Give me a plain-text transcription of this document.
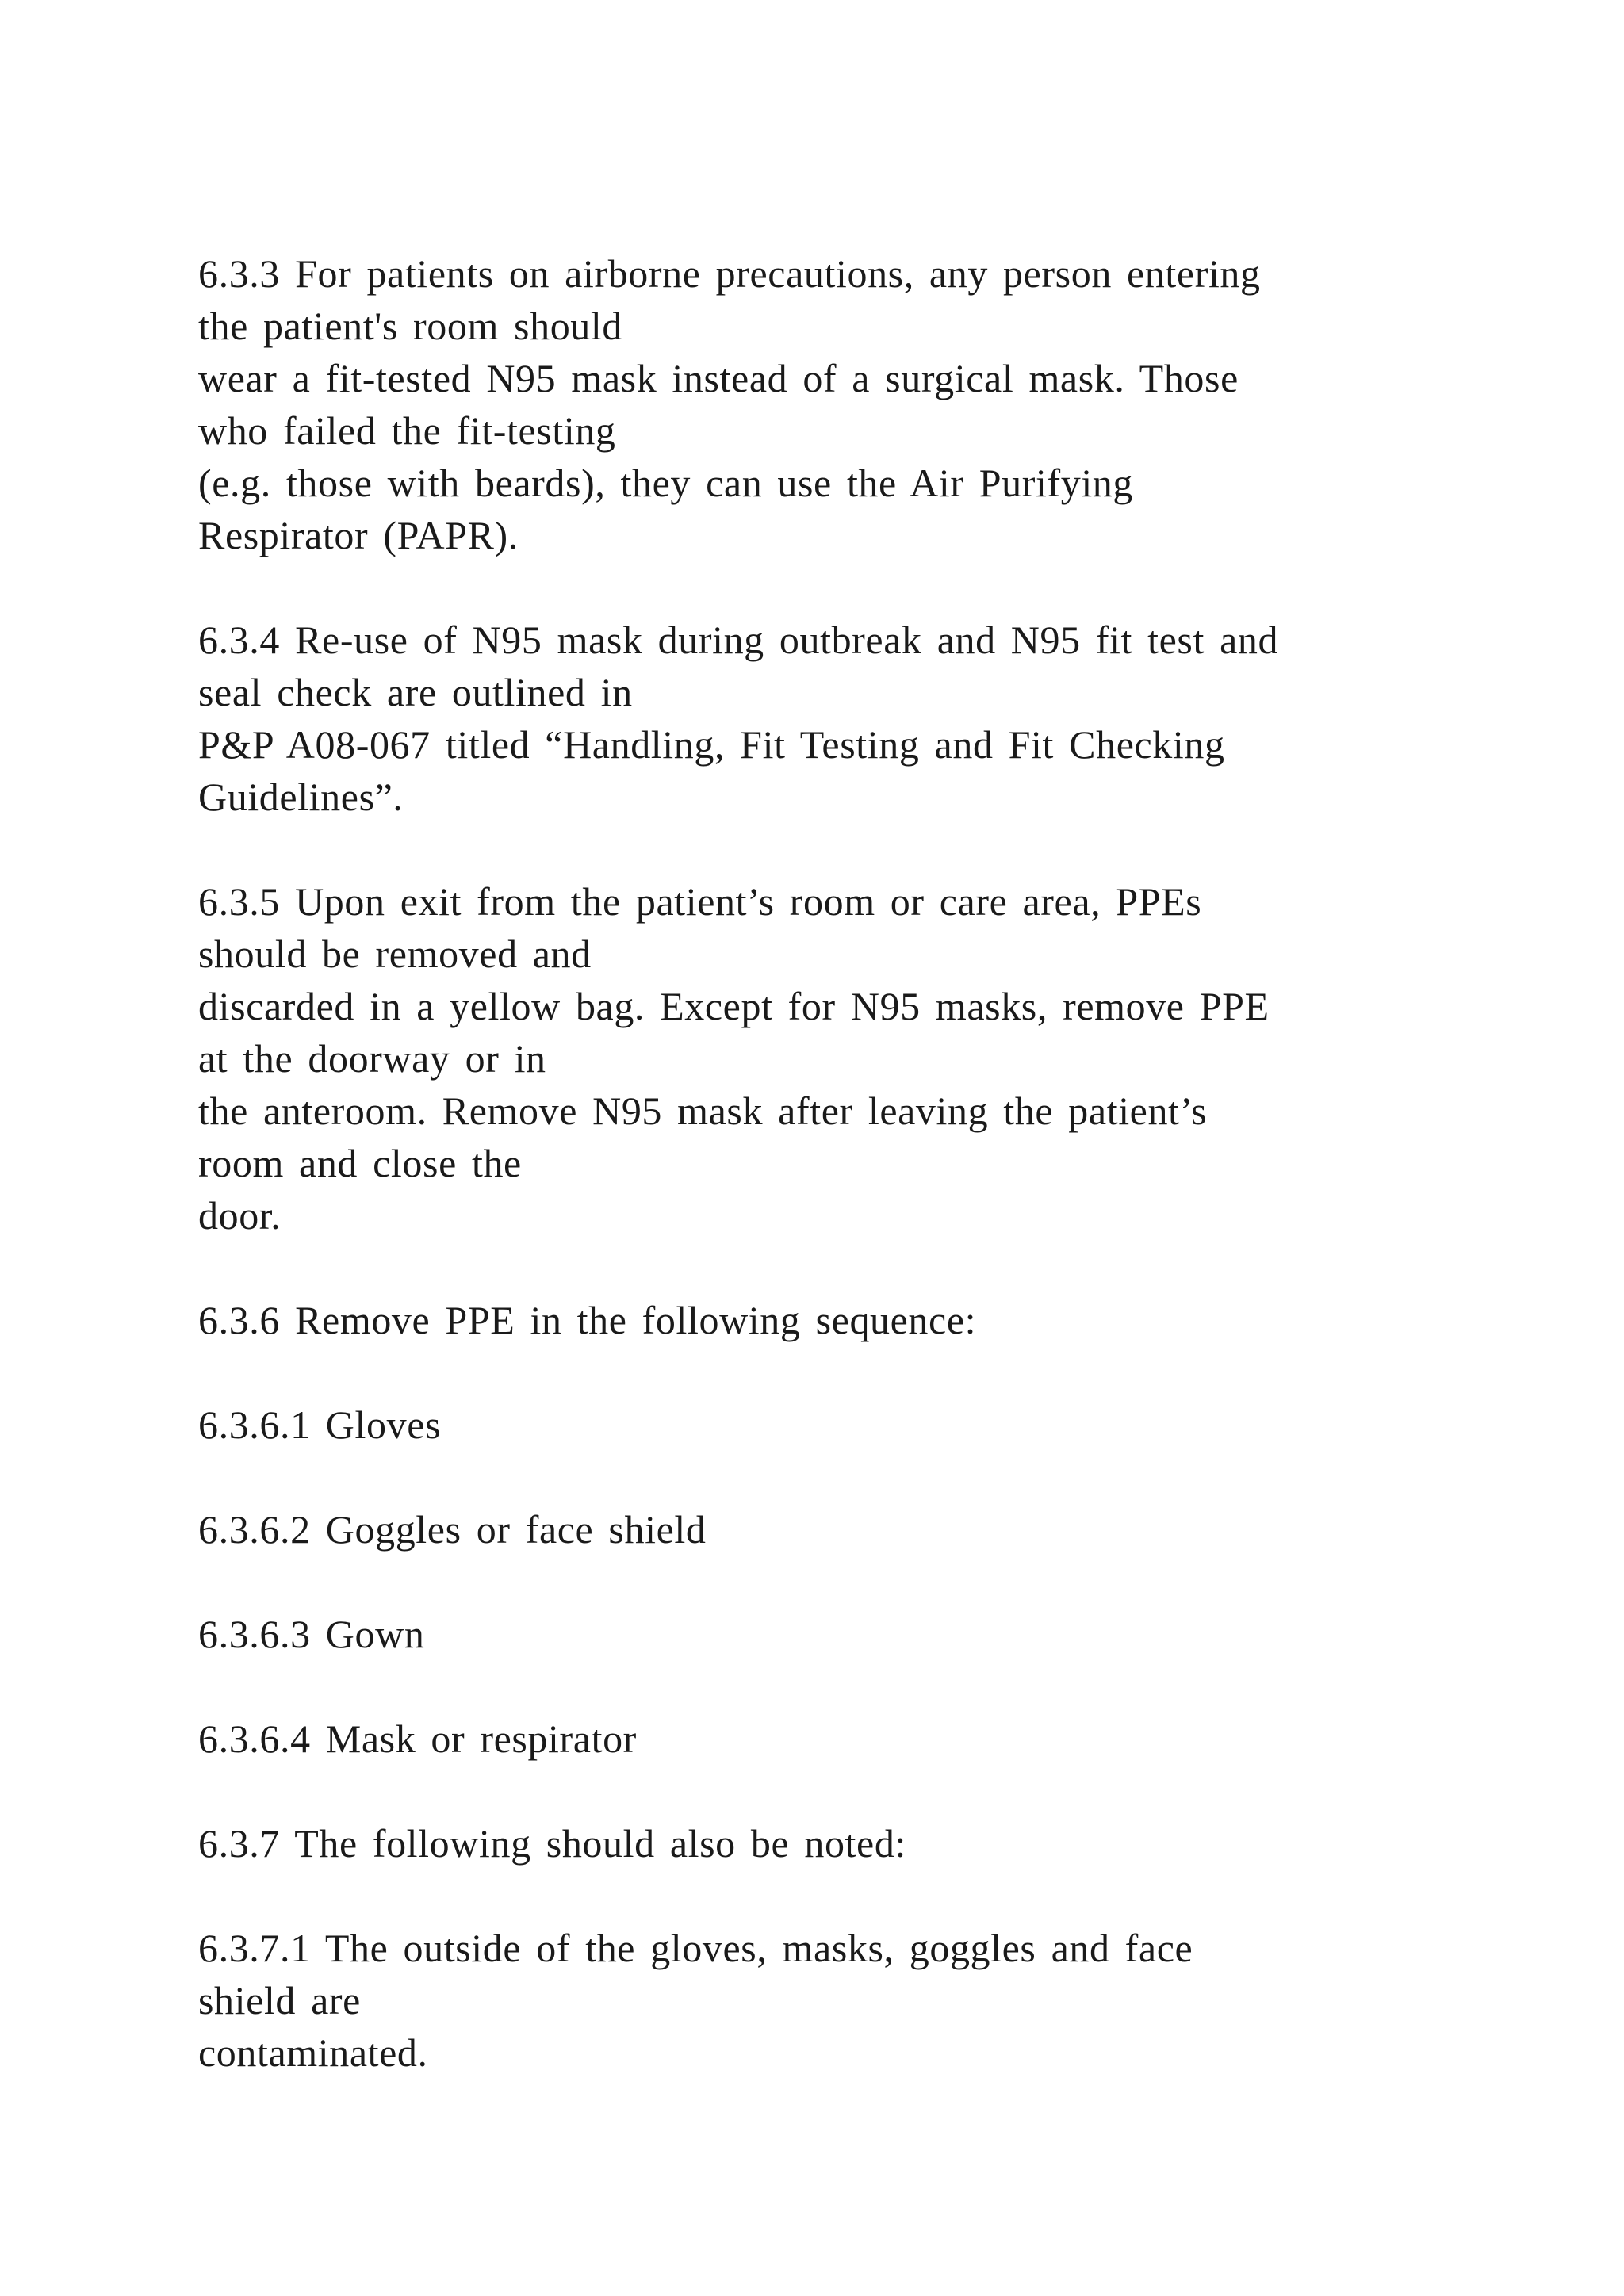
6.3.3 For patients on airborne precautions, any person entering
the patient's room should
wear a fit-tested N95 mask instead of a surgical mask. Those
who failed the fit-testing
(e.g. those with beards), they can use the Air Purifying
Respirator (PAPR).

6.3.4 Re-use of N95 mask during outbreak and N95 fit test and
seal check are outlined in
P&P A08-067 titled “Handling, Fit Testing and Fit Checking
Guidelines”.

6.3.5 Upon exit from the patient’s room or care area, PPEs
should be removed and
discarded in a yellow bag. Except for N95 masks, remove PPE
at the doorway or in
the anteroom. Remove N95 mask after leaving the patient’s
room and close the
door.

6.3.6 Remove PPE in the following sequence:

6.3.6.1 Gloves

6.3.6.2 Goggles or face shield

6.3.6.3 Gown

6.3.6.4 Mask or respirator

6.3.7 The following should also be noted:

6.3.7.1 The outside of the gloves, masks, goggles and face
shield are
contaminated.
